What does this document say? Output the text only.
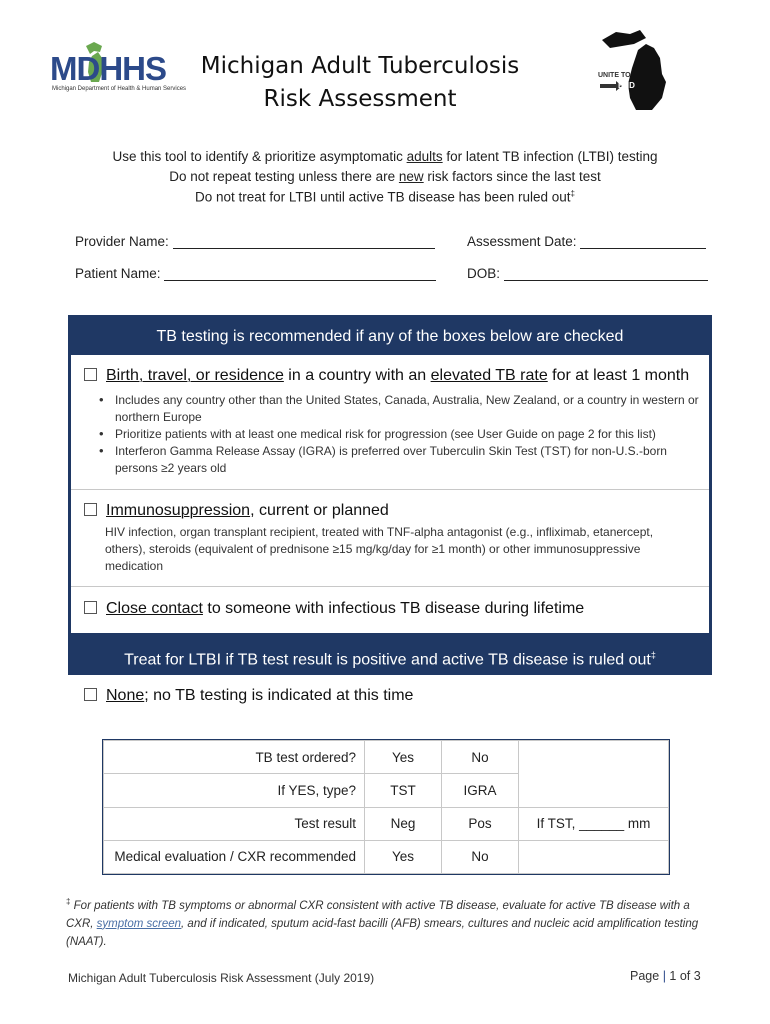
MDHHS
Michigan Department of Health & Human Services
Michigan Adult Tuberculosis
Risk Assessment
UNITE TO
END
TB
Use this tool to identify & prioritize asymptomatic adults for latent TB infection (LTBI) testing
Do not repeat testing unless there are new risk factors since the last test
Do not treat for LTBI until active TB disease has been ruled out‡
Provider Name:	Assessment Date:
Patient Name:	DOB:
TB testing is recommended if any of the boxes below are checked
Birth, travel, or residence in a country with an elevated TB rate for at least 1 month
• Includes any country other than the United States, Canada, Australia, New Zealand, or a country in western or northern Europe
• Prioritize patients with at least one medical risk for progression (see User Guide on page 2 for this list)
• Interferon Gamma Release Assay (IGRA) is preferred over Tuberculin Skin Test (TST) for non-U.S.-born persons ≥2 years old
Immunosuppression, current or planned
HIV infection, organ transplant recipient, treated with TNF-alpha antagonist (e.g., infliximab, etanercept, others), steroids (equivalent of prednisone ≥15 mg/kg/day for ≥1 month) or other immunosuppressive medication
Close contact to someone with infectious TB disease during lifetime
Treat for LTBI if TB test result is positive and active TB disease is ruled out‡
None; no TB testing is indicated at this time
TB test ordered?	Yes	No	
If YES, type?	TST	IGRA	
Test result	Neg	Pos	If TST, ______ mm
Medical evaluation / CXR recommended	Yes	No	
‡ For patients with TB symptoms or abnormal CXR consistent with active TB disease, evaluate for active TB disease with a CXR, symptom screen, and if indicated, sputum acid-fast bacilli (AFB) smears, cultures and nucleic acid amplification testing (NAAT).
Michigan Adult Tuberculosis Risk Assessment (July 2019)	Page | 1 of 3
